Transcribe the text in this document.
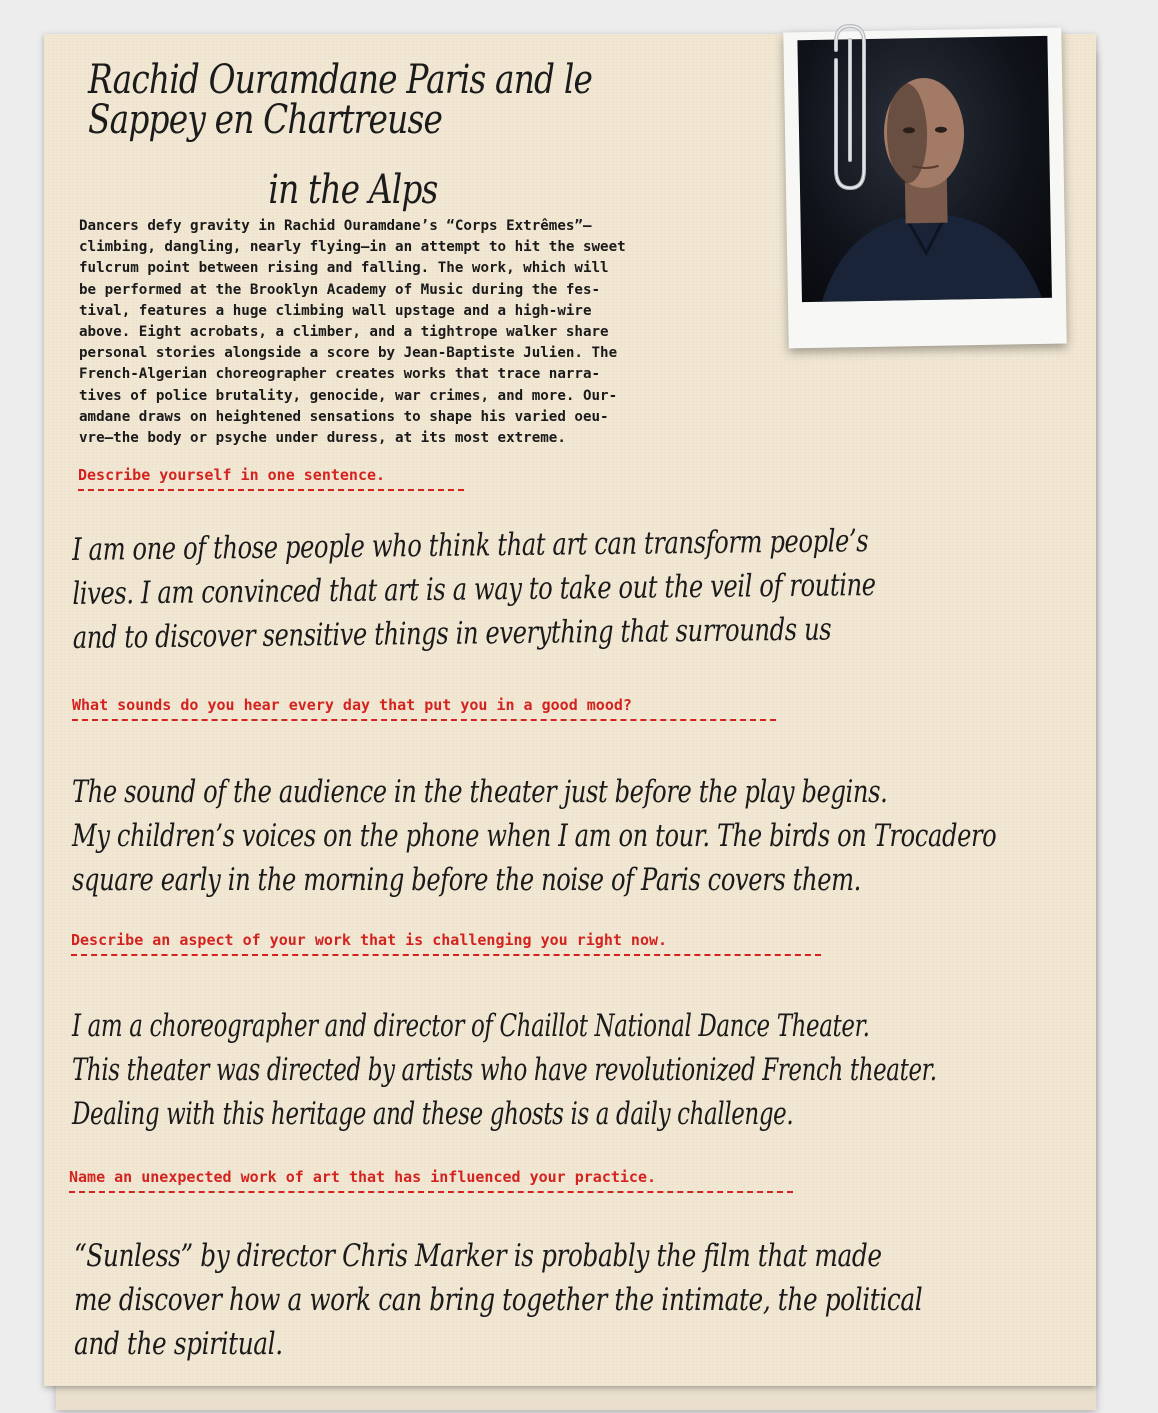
Rachid Ouramdane Paris and le Sappey en Chartreuse
in the Alps
Dancers defy gravity in Rachid Ouramdane’s “Corps Extrêmes”—
climbing, dangling, nearly flying—in an attempt to hit the sweet
fulcrum point between rising and falling. The work, which will
be performed at the Brooklyn Academy of Music during the fes-
tival, features a huge climbing wall upstage and a high-wire
above. Eight acrobats, a climber, and a tightrope walker share
personal stories alongside a score by Jean-Baptiste Julien. The
French-Algerian choreographer creates works that trace narra-
tives of police brutality, genocide, war crimes, and more. Our-
amdane draws on heightened sensations to shape his varied oeu-
vre—the body or psyche under duress, at its most extreme.
Describe yourself in one sentence.
I am one of those people who think that art can transform people’s
lives. I am convinced that art is a way to take out the veil of routine
and to discover sensitive things in everything that surrounds us
What sounds do you hear every day that put you in a good mood?
The sound of the audience in the theater just before the play begins.
My children’s voices on the phone when I am on tour. The birds on Trocadero
square early in the morning before the noise of Paris covers them.
Describe an aspect of your work that is challenging you right now.
I am a choreographer and director of Chaillot National Dance Theater.
This theater was directed by artists who have revolutionized French theater.
Dealing with this heritage and these ghosts is a daily challenge.
Name an unexpected work of art that has influenced your practice.
“Sunless” by director Chris Marker is probably the film that made
me discover how a work can bring together the intimate, the political
and the spiritual.
